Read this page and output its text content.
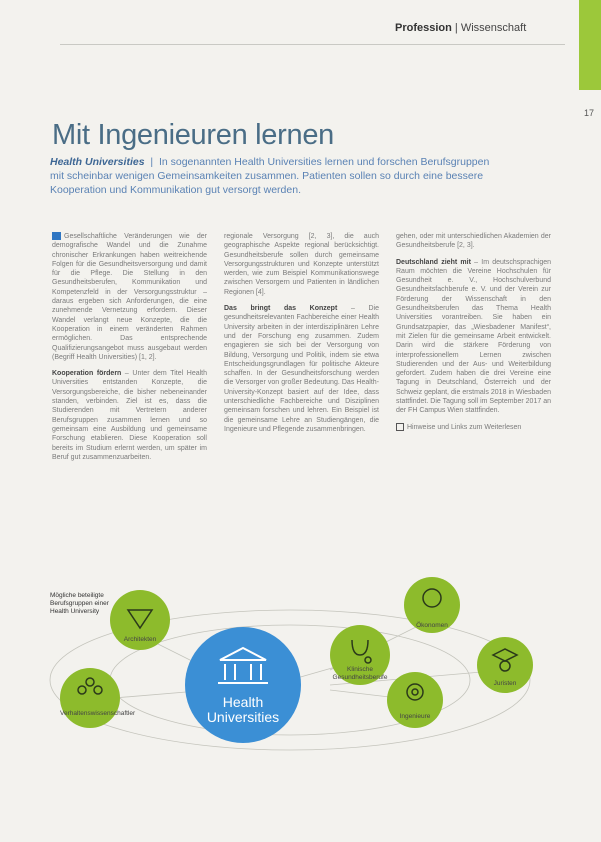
Profession | Wissenschaft
17
Mit Ingenieuren lernen
Health Universities  |  In sogenannten Health Universities lernen und forschen Berufsgruppen mit scheinbar wenigen Gemeinsamkeiten zusammen. Patienten sollen so durch eine bessere Kooperation und Kommunikation gut versorgt werden.

Gesellschaftliche Veränderungen wie der demografische Wandel und die Zunahme chronischer Erkrankungen haben weitreichende Folgen für die Gesundheitsversorgung und damit für die Pflege. Die Stellung in den Gesundheitsberufen, Kommunikation und Kompetenzfeld in der Versorgungsstruktur – daraus ergeben sich Anforderungen, die eine zunehmende Vernetzung erfordern. Dieser Wandel verlangt neue Konzepte, die die Kooperation in einem veränderten Rahmen ermöglichen. Das entsprechende Qualifizierungsangebot muss ausgebaut werden (Begriff Health Universities) [1, 2].

Kooperation fördern – Unter dem Titel Health Universities entstanden Konzepte, die Versorgungsbereiche, die bisher nebeneinander standen, verbinden. Ziel ist es, dass die Studierenden mit Vertretern anderer Berufsgruppen zusammen lernen und so gemeinsam eine Ausbildung und gemeinsame Forschung etablieren. Diese Kooperation soll bereits im Studium erlernt werden, um später im Beruf gut zusammenzuarbeiten.

regionale Versorgung [2, 3], die auch geographische Aspekte regional berücksichtigt. Gesundheitsberufe sollen durch gemeinsame Versorgungsstrukturen und Konzepte unterstützt werden, wie zum Beispiel Kommunikationswege zwischen Versorgern und Patienten in ländlichen Regionen [4].

Das bringt das Konzept – Die gesundheitsrelevanten Fachbereiche einer Health University arbeiten in der interdisziplinären Lehre und der Forschung eng zusammen. Zudem engagieren sie sich bei der Versorgung von Bildung, Versorgung und Politik, indem sie etwa Entscheidungsgrundlagen für politische Akteure schaffen. In der Gesundheitsforschung werden die Versorger von großer Bedeutung. Das Health-University-Konzept basiert auf der Idee, dass unterschiedliche Fachbereiche und Disziplinen gemeinsam forschen und lehren. Ein Beispiel ist die gemeinsame Lehre an Studiengängen, die Ingenieure und Pflegende zusammenbringen.

gehen, oder mit unterschiedlichen Akademien der Gesundheitsberufe [2, 3].

Deutschland zieht mit – Im deutschsprachigen Raum möchten die Vereine Hochschulen für Gesundheit e. V., Hochschulverbund Gesundheitsfachberufe e. V. und der Verein zur Förderung der Wissenschaft in den Gesundheitsberufen das Thema Health Universities vorantreiben. Sie haben ein Grundsatzpapier, das „Wiesbadener Manifest“, mit Zielen für die gemeinsame Arbeit entwickelt. Darin wird die stärkere Förderung von interprofessionellem Lernen zwischen Studierenden und der Aus- und Weiterbildung gefordert. Zudem haben die drei Vereine eine Tagung in Deutschland, Österreich und der Schweiz geplant, die erstmals 2018 in Wiesbaden stattfindet. Die Tagung soll im September 2017 an der FH Campus Wien stattfinden.

Hinweise und Links zum Weiterlesen

Mögliche beteiligte Berufsgruppen einer Health University
Health Universities
Architekten
Ökonomen
Klinische Gesundheitsberufe
Juristen
Ingenieure
Verhaltenswissenschaftler
